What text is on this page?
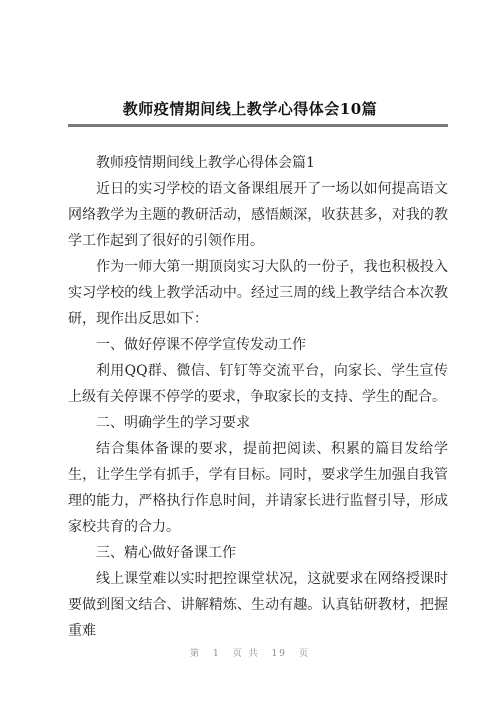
教师疫情期间线上教学心得体会10篇

教师疫情期间线上教学心得体会篇1

近日的实习学校的语文备课组展开了一场以如何提高语文网络教学为主题的教研活动，感悟颇深，收获甚多，对我的教学工作起到了很好的引领作用。

作为一师大第一期顶岗实习大队的一份子，我也积极投入实习学校的线上教学活动中。经过三周的线上教学结合本次教研，现作出反思如下：

一、做好停课不停学宣传发动工作

利用QQ群、微信、钉钉等交流平台，向家长、学生宣传上级有关停课不停学的要求，争取家长的支持、学生的配合。

二、明确学生的学习要求

结合集体备课的要求，提前把阅读、积累的篇目发给学生，让学生学有抓手，学有目标。同时，要求学生加强自我管理的能力，严格执行作息时间，并请家长进行监督引导，形成家校共育的合力。

三、精心做好备课工作

线上课堂难以实时把控课堂状况，这就要求在网络授课时要做到图文结合、讲解精炼、生动有趣。认真钻研教材，把握重难

第 1 页 共 19 页
